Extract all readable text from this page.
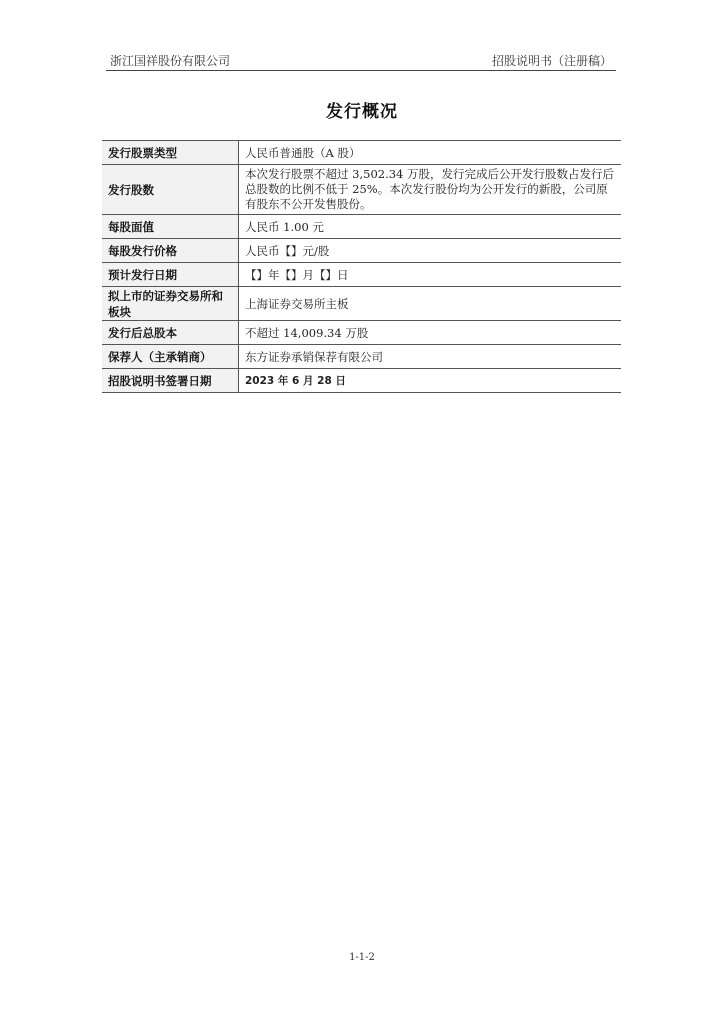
浙江国祥股份有限公司	招股说明书（注册稿）
发行概况
发行股票类型	人民币普通股（A 股）
发行股数	本次发行股票不超过 3,502.34 万股，发行完成后公开发行股数占发行后总股数的比例不低于 25%。本次发行股份均为公开发行的新股，公司原有股东不公开发售股份。
每股面值	人民币 1.00 元
每股发行价格	人民币【】元/股
预计发行日期	【】年【】月【】日
拟上市的证券交易所和板块	上海证券交易所主板
发行后总股本	不超过 14,009.34 万股
保荐人（主承销商）	东方证券承销保荐有限公司
招股说明书签署日期	2023 年 6 月 28 日
1-1-2
